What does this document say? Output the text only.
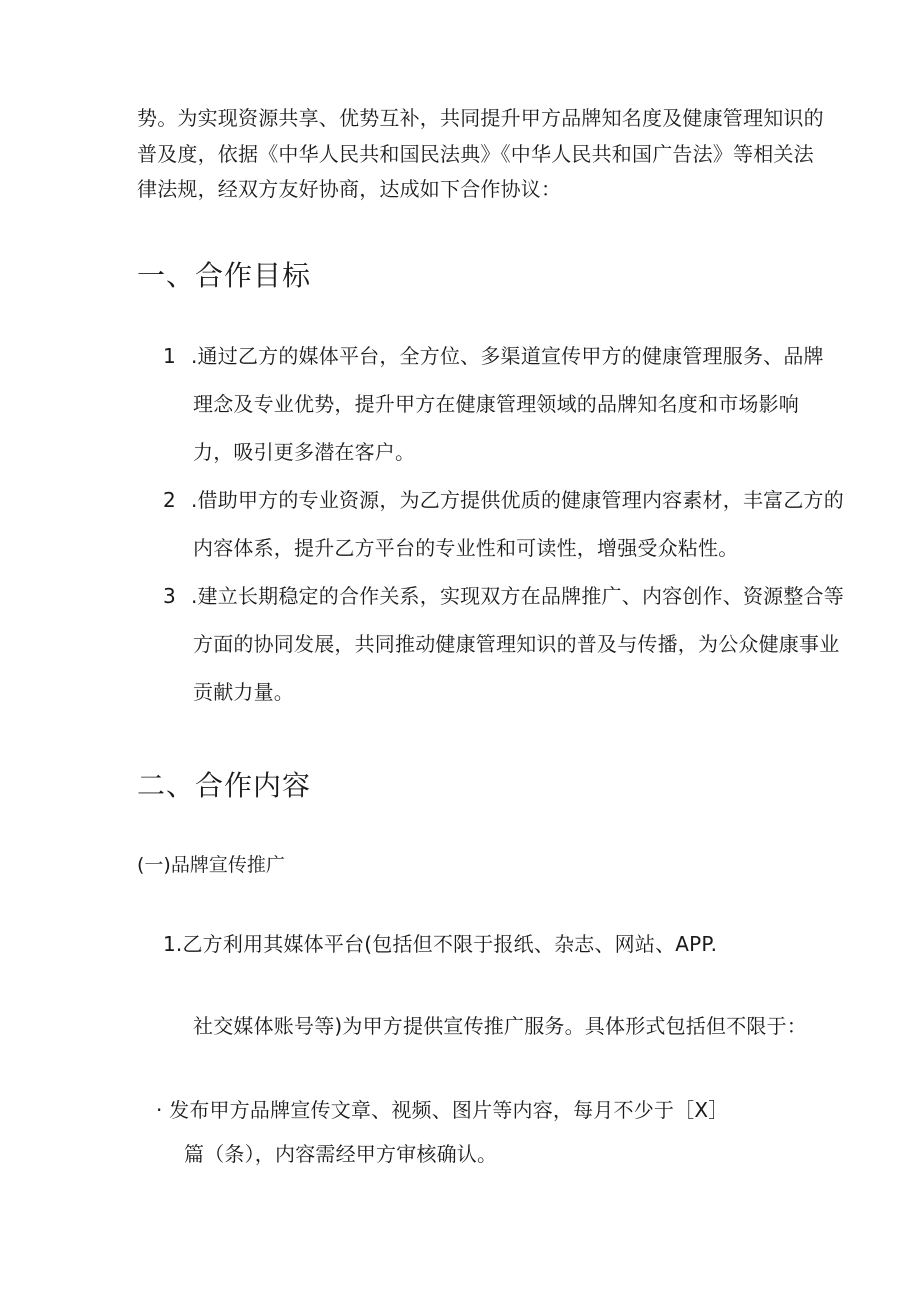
势。为实现资源共享、优势互补，共同提升甲方品牌知名度及健康管理知识的
普及度，依据《中华人民共和国民法典》《中华人民共和国广告法》等相关法
律法规，经双方友好协商，达成如下合作协议：
一、合作目标
1 .通过乙方的媒体平台，全方位、多渠道宣传甲方的健康管理服务、品牌
理念及专业优势，提升甲方在健康管理领域的品牌知名度和市场影响
力，吸引更多潜在客户。
2 .借助甲方的专业资源，为乙方提供优质的健康管理内容素材，丰富乙方的
内容体系，提升乙方平台的专业性和可读性，增强受众粘性。
3 .建立长期稳定的合作关系，实现双方在品牌推广、内容创作、资源整合等
方面的协同发展，共同推动健康管理知识的普及与传播，为公众健康事业
贡献力量。
二、合作内容
(一)品牌宣传推广
1.乙方利用其媒体平台(包括但不限于报纸、杂志、网站、APP.
社交媒体账号等)为甲方提供宣传推广服务。具体形式包括但不限于：
· 发布甲方品牌宣传文章、视频、图片等内容，每月不少于［X］
篇（条），内容需经甲方审核确认。
